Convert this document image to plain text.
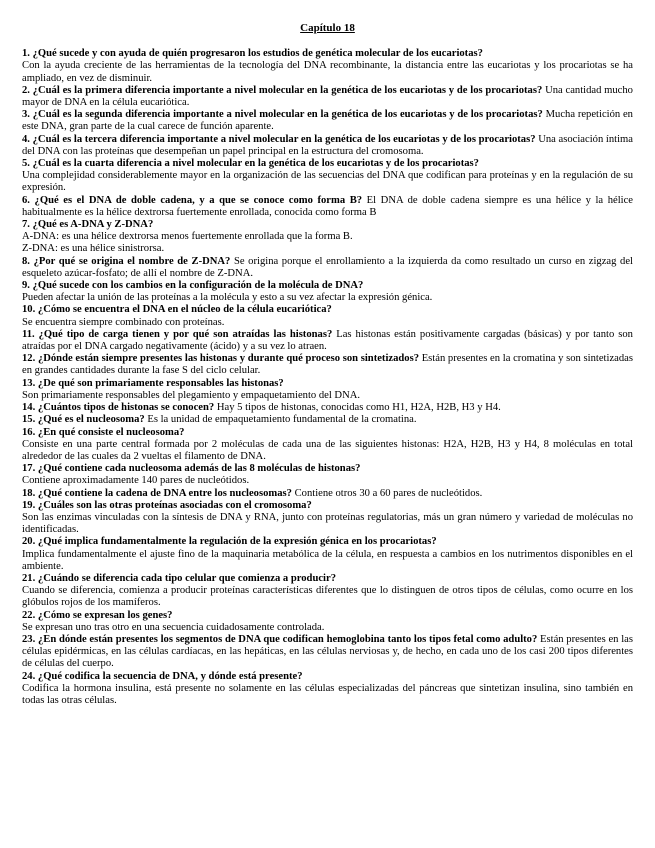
Capítulo 18

1. ¿Qué sucede y con ayuda de quién progresaron los estudios de genética molecular de los eucariotas?
Con la ayuda creciente de las herramientas de la tecnología del DNA recombinante, la distancia entre las eucariotas y los procariotas se ha ampliado, en vez de disminuir.

2. ¿Cuál es la primera diferencia importante a nivel molecular en la genética de los eucariotas y de los procariotas? Una cantidad mucho mayor de DNA en la célula eucariótica.

3. ¿Cuál es la segunda diferencia importante a nivel molecular en la genética de los eucariotas y de los procariotas? Mucha repetición en este DNA, gran parte de la cual carece de función aparente.

4. ¿Cuál es la tercera diferencia importante a nivel molecular en la genética de los eucariotas y de los procariotas? Una asociación íntima del DNA con las proteínas que desempeñan un papel principal en la estructura del cromosoma.

5. ¿Cuál es la cuarta diferencia a nivel molecular en la genética de los eucariotas y de los procariotas?
Una complejidad considerablemente mayor en la organización de las secuencias del DNA que codifican para proteínas y en la regulación de su expresión.

6. ¿Qué es el DNA de doble cadena, y a que se conoce como forma B? El DNA de doble cadena siempre es una hélice y la hélice habitualmente es la hélice dextrorsa fuertemente enrollada, conocida como forma B

7. ¿Qué es A-DNA y Z-DNA?
A-DNA: es una hélice dextrorsa menos fuertemente enrollada que la forma B.
Z-DNA: es una hélice sinistrorsa.

8. ¿Por qué se origina el nombre de Z-DNA? Se origina porque el enrollamiento a la izquierda da como resultado un curso en zigzag del esqueleto azúcar-fosfato; de allí el nombre de Z-DNA.

9. ¿Qué sucede con los cambios en la configuración de la molécula de DNA?
Pueden afectar la unión de las proteínas a la molécula y esto a su vez afectar la expresión génica.

10. ¿Cómo se encuentra el DNA en el núcleo de la célula eucariótica?
Se encuentra siempre combinado con proteínas.

11. ¿Qué tipo de carga tienen y por qué son atraídas las histonas? Las histonas están positivamente cargadas (básicas) y por tanto son atraídas por el DNA cargado negativamente (ácido) y a su vez lo atraen.

12. ¿Dónde están siempre presentes las histonas y durante qué proceso son sintetizados? Están presentes en la cromatina y son sintetizadas en grandes cantidades durante la fase S del ciclo celular.

13. ¿De qué son primariamente responsables las histonas?
Son primariamente responsables del plegamiento y empaquetamiento del DNA.

14. ¿Cuántos tipos de histonas se conocen? Hay 5 tipos de histonas, conocidas como H1, H2A, H2B, H3 y H4.

15. ¿Qué es el nucleosoma? Es la unidad de empaquetamiento fundamental de la cromatina.

16. ¿En qué consiste el nucleosoma?
Consiste en una parte central formada por 2 moléculas de cada una de las siguientes histonas: H2A, H2B, H3 y H4, 8 moléculas en total alrededor de las cuales da 2 vueltas el filamento de DNA.

17. ¿Qué contiene cada nucleosoma además de las 8 moléculas de histonas?
Contiene aproximadamente 140 pares de nucleótidos.

18. ¿Qué contiene la cadena de DNA entre los nucleosomas? Contiene otros 30 a 60 pares de nucleótidos.

19. ¿Cuáles son las otras proteínas asociadas con el cromosoma?
Son las enzimas vinculadas con la síntesis de DNA y RNA, junto con proteínas regulatorias, más un gran número y variedad de moléculas no identificadas.

20. ¿Qué implica fundamentalmente la regulación de la expresión génica en los procariotas?
Implica fundamentalmente el ajuste fino de la maquinaria metabólica de la célula, en respuesta a cambios en los nutrimentos disponibles en el ambiente.

21. ¿Cuándo se diferencia cada tipo celular que comienza a producir?
Cuando se diferencia, comienza a producir proteínas características diferentes que lo distinguen de otros tipos de células, como ocurre en los glóbulos rojos de los mamíferos.

22. ¿Cómo se expresan los genes?
Se expresan uno tras otro en una secuencia cuidadosamente controlada.

23. ¿En dónde están presentes los segmentos de DNA que codifican hemoglobina tanto los tipos fetal como adulto? Están presentes en las células epidérmicas, en las células cardíacas, en las hepáticas, en las células nerviosas y, de hecho, en cada uno de los casi 200 tipos diferentes de células del cuerpo.

24. ¿Qué codifica la secuencia de DNA, y dónde está presente?
Codifica la hormona insulina, está presente no solamente en las células especializadas del páncreas que sintetizan insulina, sino también en todas las otras células.
